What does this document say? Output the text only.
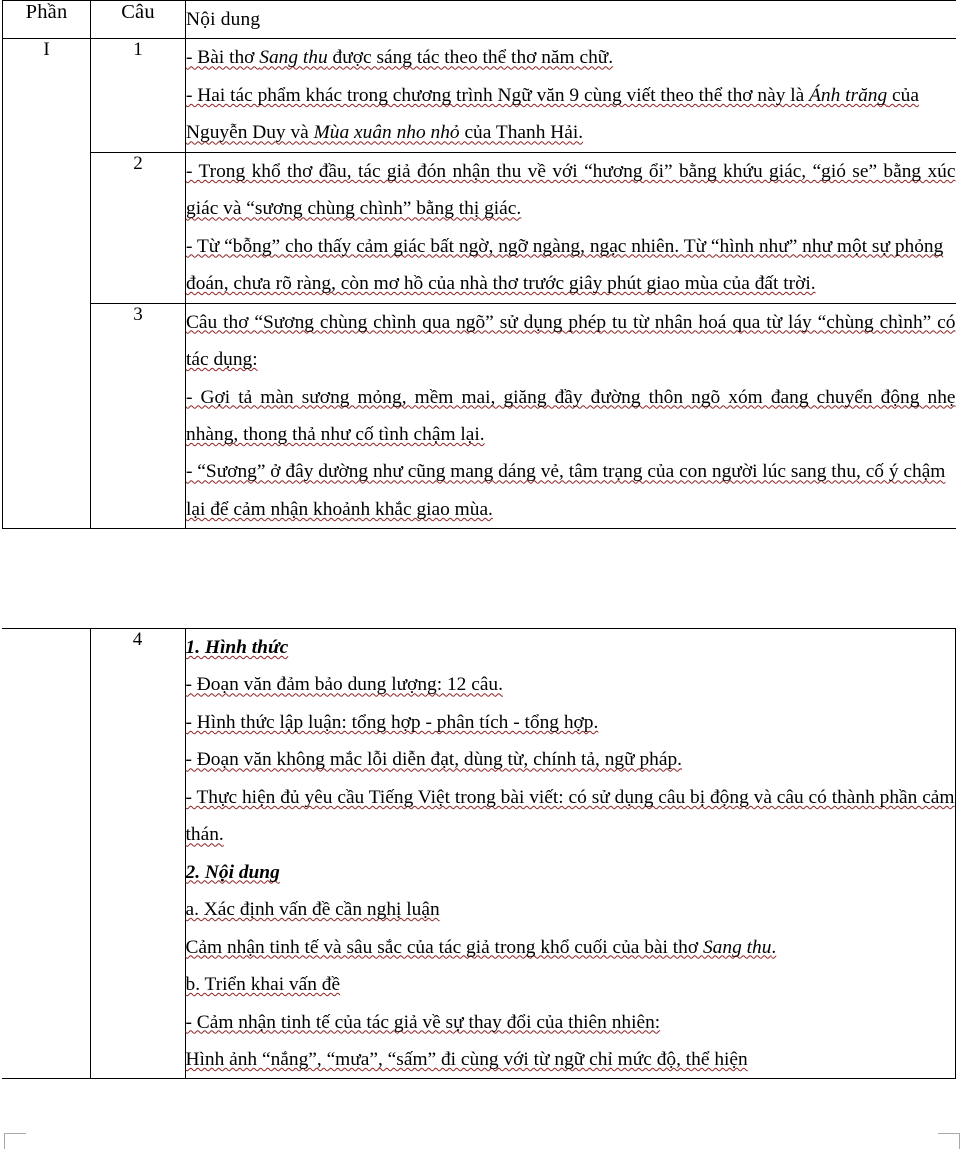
Phần	Câu	Nội dung
I	1	- Bài thơ Sang thu được sáng tác theo thể thơ năm chữ.

- Hai tác phẩm khác trong chương trình Ngữ văn 9 cùng viết theo thể thơ này là Ánh trăng của Nguyễn Duy và Mùa xuân nho nhỏ của Thanh Hải.

	2	- Trong khổ thơ đầu, tác giả đón nhận thu về với “hương ổi” bằng khứu giác, “gió se” bằng xúc giác và “sương chùng chình” bằng thị giác.

- Từ “bỗng” cho thấy cảm giác bất ngờ, ngỡ ngàng, ngạc nhiên. Từ “hình như” như một sự phỏng đoán, chưa rõ ràng, còn mơ hồ của nhà thơ trước giây phút giao mùa của đất trời.

	3	Câu thơ “Sương chùng chình qua ngõ” sử dụng phép tu từ nhân hoá qua từ láy “chùng chình” có tác dụng:

- Gợi tả màn sương mỏng, mềm mai, giăng đầy đường thôn ngõ xóm đang chuyển động nhẹ nhàng, thong thả như cố tình chậm lại.

- “Sương” ở đây dường như cũng mang dáng vẻ, tâm trạng của con người lúc sang thu, cố ý chậm lại để cảm nhận khoảnh khắc giao mùa.

	4	1. Hình thức

- Đoạn văn đảm bảo dung lượng: 12 câu.

- Hình thức lập luận: tổng hợp - phân tích - tổng hợp.

- Đoạn văn không mắc lỗi diễn đạt, dùng từ, chính tả, ngữ pháp.

- Thực hiện đủ yêu cầu Tiếng Việt trong bài viết: có sử dụng câu bị động và câu có thành phần cảm thán.

2. Nội dung

a. Xác định vấn đề cần nghị luận

Cảm nhận tinh tế và sâu sắc của tác giả trong khổ cuối của bài thơ Sang thu.

b. Triển khai vấn đề

- Cảm nhận tinh tế của tác giả về sự thay đổi của thiên nhiên:

Hình ảnh “nắng”, “mưa”, “sấm” đi cùng với từ ngữ chỉ mức độ, thể hiện
